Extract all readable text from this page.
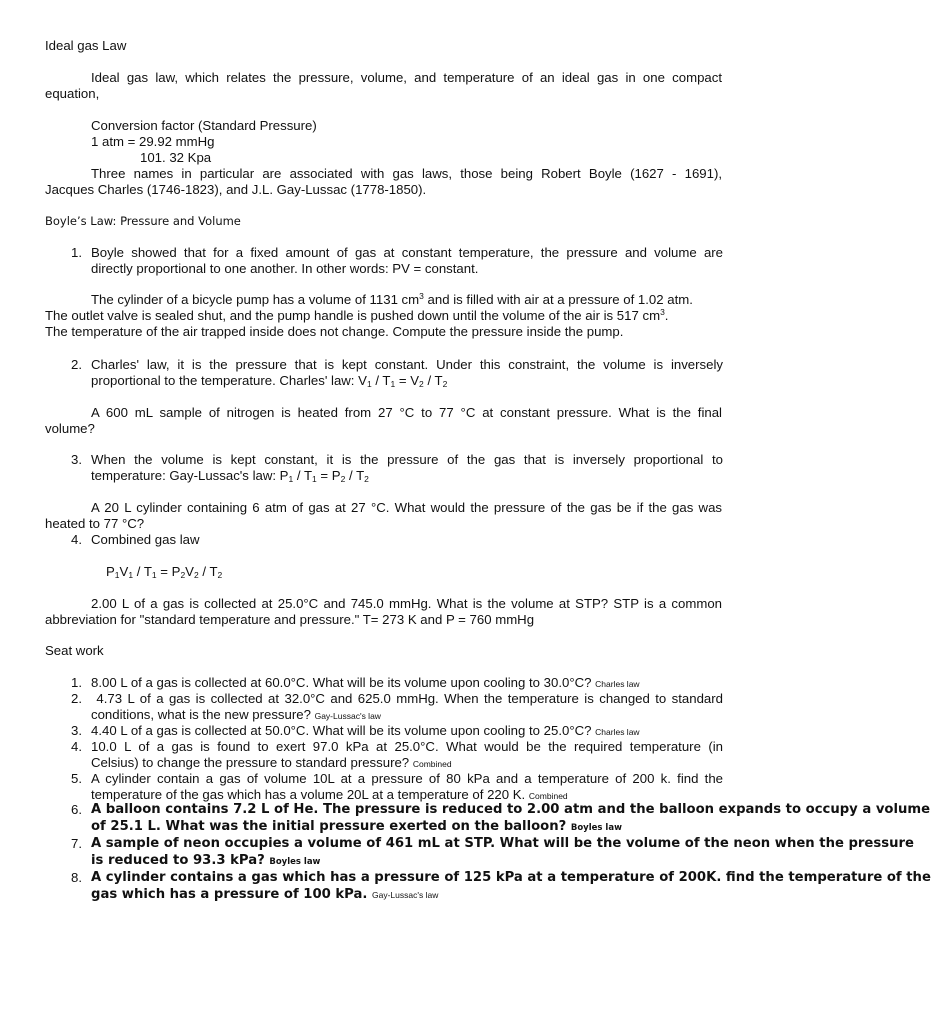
Ideal gas Law

Ideal gas law, which relates the pressure, volume, and temperature of an ideal gas in one compact

equation,

Conversion factor (Standard Pressure)

1 atm = 29.92 mmHg

101. 32 Kpa

Three names in particular are associated with gas laws, those being Robert Boyle (1627 - 1691),

Jacques Charles (1746-1823), and J.L. Gay-Lussac (1778-1850).

Boyle’s Law: Pressure and Volume

1. Boyle showed that for a fixed amount of gas at constant temperature, the pressure and volume are
directly proportional to one another. In other words: PV = constant.

The cylinder of a bicycle pump has a volume of 1131 $cm^3$ and is filled with air at a pressure of 1.02 atm.

The outlet valve is sealed shut, and the pump handle is pushed down until the volume of the air is 517 $cm^3$.

The temperature of the air trapped inside does not change. Compute the pressure inside the pump.

2. Charles' law, it is the pressure that is kept constant. Under this constraint, the volume is inversely
proportional to the temperature. Charles' law: $V_1 / T_1 = V_2 / T_2$

A 600 mL sample of nitrogen is heated from 27 °C to 77 °C at constant pressure. What is the final

volume?

3. When the volume is kept constant, it is the pressure of the gas that is inversely proportional to
temperature: Gay-Lussac's law: $P_1 / T_1 = P_2 / T_2$

A 20 L cylinder containing 6 atm of gas at 27 °C. What would the pressure of the gas be if the gas was

heated to 77 °C?

4. Combined gas law

$P_1V_1 / T_1 = P_2V_2 / T_2$

2.00 L of a gas is collected at 25.0°C and 745.0 mmHg. What is the volume at STP? STP is a common

abbreviation for "standard temperature and pressure." T= 273 K and P = 760 mmHg

Seat work

1. 8.00 L of a gas is collected at 60.0°C. What will be its volume upon cooling to 30.0°C? Charles law
2. 4.73 L of a gas is collected at 32.0°C and 625.0 mmHg. When the temperature is changed to standard
conditions, what is the new pressure? Gay-Lussac's law
3. 4.40 L of a gas is collected at 50.0°C. What will be its volume upon cooling to 25.0°C? Charles law
4. 10.0 L of a gas is found to exert 97.0 kPa at 25.0°C. What would be the required temperature (in
Celsius) to change the pressure to standard pressure? Combined
5. A cylinder contain a gas of volume 10L at a pressure of 80 kPa and a temperature of 200 k. find the
temperature of the gas which has a volume 20L at a temperature of 220 K. Combined
6. A balloon contains 7.2 L of He. The pressure is reduced to 2.00 atm and the balloon expands to occupy a volume
of 25.1 L. What was the initial pressure exerted on the balloon? Boyles law
7. A sample of neon occupies a volume of 461 mL at STP. What will be the volume of the neon when the pressure
is reduced to 93.3 kPa? Boyles law
8. A cylinder contains a gas which has a pressure of 125 kPa at a temperature of 200K. find the temperature of the
gas which has a pressure of 100 kPa. Gay-Lussac's law
